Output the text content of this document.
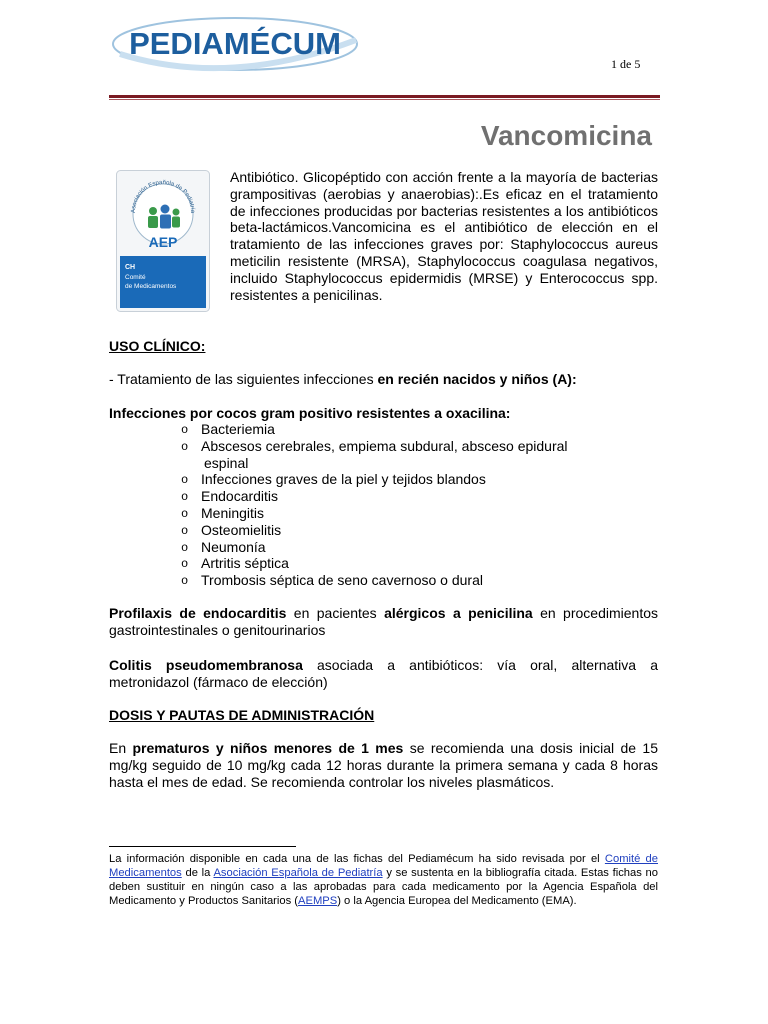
PEDIAMÉCUM
1 de 5
Vancomicina
Asociación Española de Pediatría
AEP
CH
Comité
de Medicamentos
Antibiótico. Glicopéptido con acción frente a la mayoría de bacterias grampositivas (aerobias y anaerobias):.Es eficaz en el tratamiento de infecciones producidas por bacterias resistentes a los antibióticos beta-lactámicos.Vancomicina es el antibiótico de elección en el tratamiento de las infecciones graves por: Staphylococcus aureus meticilin resistente (MRSA), Staphylococcus coagulasa negativos, incluido Staphylococcus epidermidis (MRSE) y Enterococcus spp. resistentes a penicilinas.
USO CLÍNICO:
- Tratamiento de las siguientes infecciones en recién nacidos y niños (A):
Infecciones por cocos gram positivo resistentes a oxacilina:
o Bacteriemia
o Abscesos cerebrales, empiema subdural, absceso epidural
espinal
o Infecciones graves de la piel y tejidos blandos
o Endocarditis
o Meningitis
o Osteomielitis
o Neumonía
o Artritis séptica
o Trombosis séptica de seno cavernoso o dural
Profilaxis de endocarditis en pacientes alérgicos a penicilina en procedimientos gastrointestinales o genitourinarios
Colitis pseudomembranosa asociada a antibióticos: vía oral, alternativa a metronidazol (fármaco de elección)
DOSIS Y PAUTAS DE ADMINISTRACIÓN
En prematuros y niños menores de 1 mes se recomienda una dosis inicial de 15 mg/kg seguido de 10 mg/kg cada 12 horas durante la primera semana y cada 8 horas hasta el mes de edad. Se recomienda controlar los niveles plasmáticos.
La información disponible en cada una de las fichas del Pediamécum ha sido revisada por el Comité de Medicamentos de la Asociación Española de Pediatría y se sustenta en la bibliografía citada. Estas fichas no deben sustituir en ningún caso a las aprobadas para cada medicamento por la Agencia Española del Medicamento y Productos Sanitarios (AEMPS) o la Agencia Europea del Medicamento (EMA).
